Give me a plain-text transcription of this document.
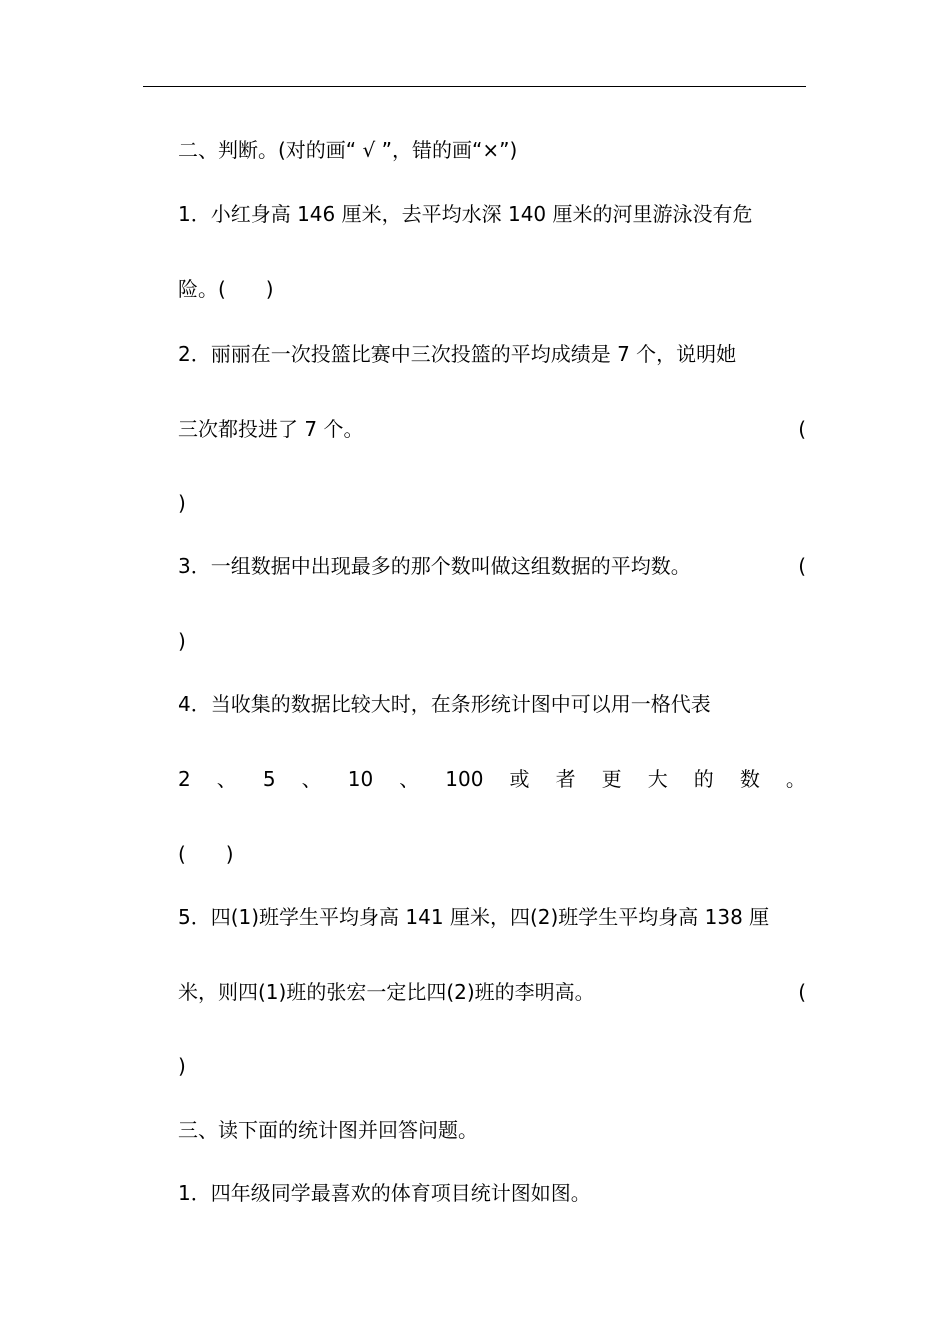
二、判断。(对的画“ √ ”，错的画“×”)
1．小红身高 146 厘米，去平均水深 140 厘米的河里游泳没有危
险。(　　)
2．丽丽在一次投篮比赛中三次投篮的平均成绩是 7 个，说明她
三次都投进了 7 个。	(
)
3．一组数据中出现最多的那个数叫做这组数据的平均数。	(
)
4．当收集的数据比较大时，在条形统计图中可以用一格代表
2 、 5 、 10 、 100 或 者 更 大 的 数 。
(　　)
5．四(1)班学生平均身高 141 厘米，四(2)班学生平均身高 138 厘
米，则四(1)班的张宏一定比四(2)班的李明高。	(
)
三、读下面的统计图并回答问题。
1．四年级同学最喜欢的体育项目统计图如图。
